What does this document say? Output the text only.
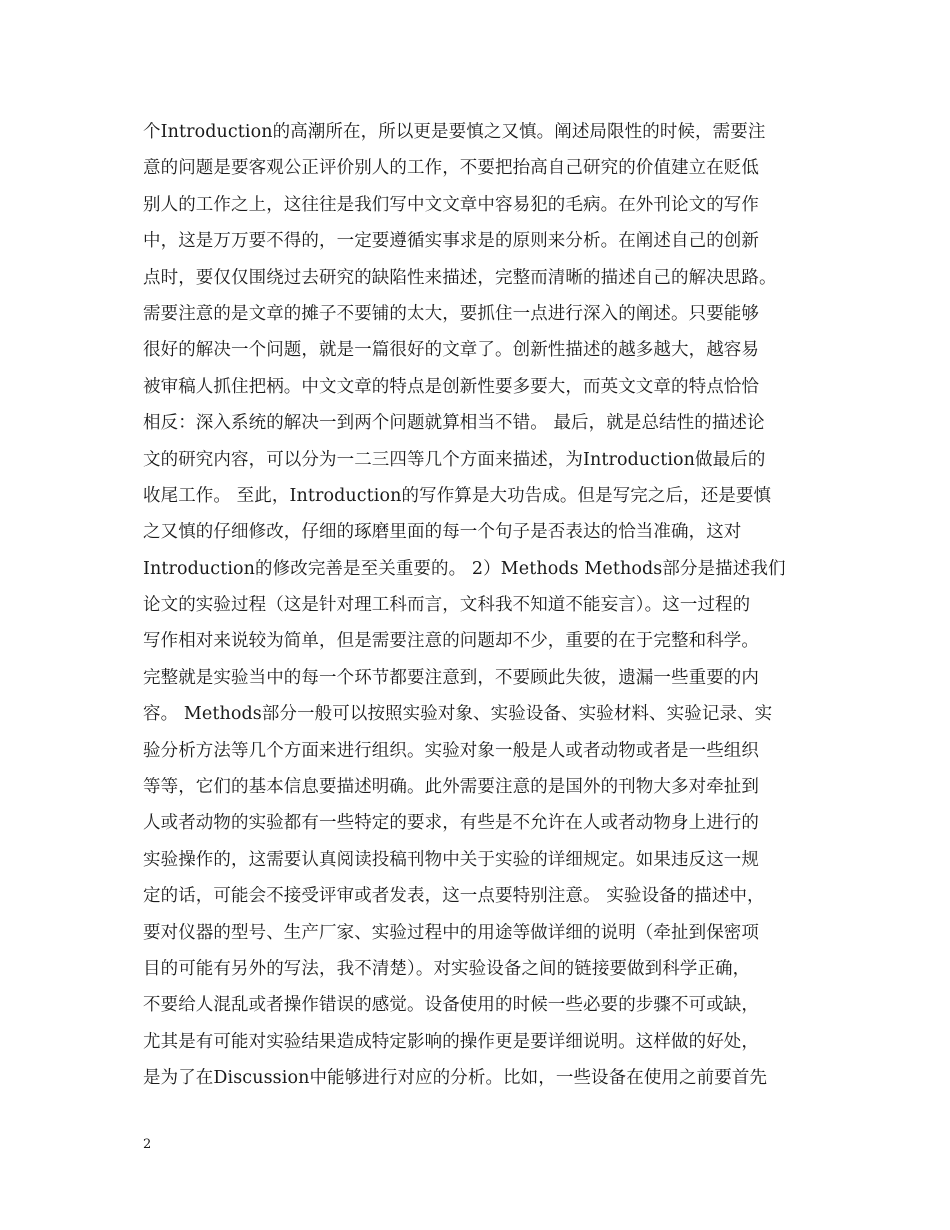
个Introduction的高潮所在，所以更是要慎之又慎。阐述局限性的时候，需要注
意的问题是要客观公正评价别人的工作，不要把抬高自己研究的价值建立在贬低
别人的工作之上，这往往是我们写中文文章中容易犯的毛病。在外刊论文的写作
中，这是万万要不得的，一定要遵循实事求是的原则来分析。在阐述自己的创新
点时，要仅仅围绕过去研究的缺陷性来描述，完整而清晰的描述自己的解决思路。
需要注意的是文章的摊子不要铺的太大，要抓住一点进行深入的阐述。只要能够
很好的解决一个问题，就是一篇很好的文章了。创新性描述的越多越大，越容易
被审稿人抓住把柄。中文文章的特点是创新性要多要大，而英文文章的特点恰恰
相反：深入系统的解决一到两个问题就算相当不错。 最后，就是总结性的描述论
文的研究内容，可以分为一二三四等几个方面来描述，为Introduction做最后的
收尾工作。 至此，Introduction的写作算是大功告成。但是写完之后，还是要慎
之又慎的仔细修改，仔细的琢磨里面的每一个句子是否表达的恰当准确，这对
Introduction的修改完善是至关重要的。 2）Methods Methods部分是描述我们
论文的实验过程（这是针对理工科而言，文科我不知道不能妄言）。这一过程的
写作相对来说较为简单，但是需要注意的问题却不少，重要的在于完整和科学。
完整就是实验当中的每一个环节都要注意到，不要顾此失彼，遗漏一些重要的内
容。 Methods部分一般可以按照实验对象、实验设备、实验材料、实验记录、实
验分析方法等几个方面来进行组织。实验对象一般是人或者动物或者是一些组织
等等，它们的基本信息要描述明确。此外需要注意的是国外的刊物大多对牵扯到
人或者动物的实验都有一些特定的要求，有些是不允许在人或者动物身上进行的
实验操作的，这需要认真阅读投稿刊物中关于实验的详细规定。如果违反这一规
定的话，可能会不接受评审或者发表，这一点要特别注意。 实验设备的描述中，
要对仪器的型号、生产厂家、实验过程中的用途等做详细的说明（牵扯到保密项
目的可能有另外的写法，我不清楚）。对实验设备之间的链接要做到科学正确，
不要给人混乱或者操作错误的感觉。设备使用的时候一些必要的步骤不可或缺，
尤其是有可能对实验结果造成特定影响的操作更是要详细说明。这样做的好处，
是为了在Discussion中能够进行对应的分析。比如，一些设备在使用之前要首先
2
